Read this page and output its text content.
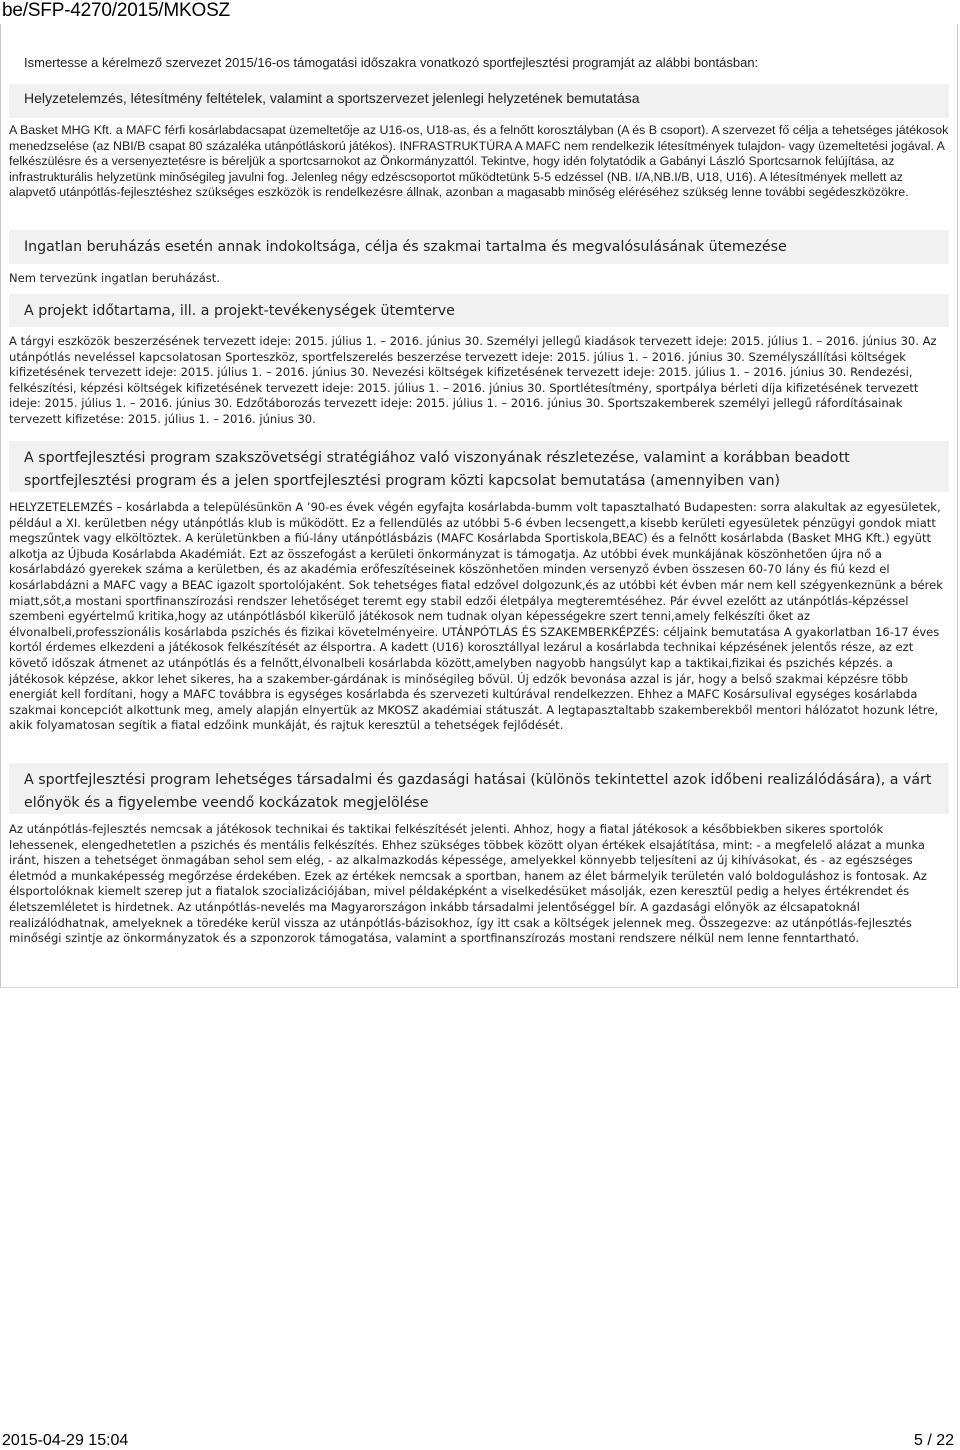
be/SFP-4270/2015/MKOSZ
Ismertesse a kérelmező szervezet 2015/16-os támogatási időszakra vonatkozó sportfejlesztési programját az alábbi bontásban:
Helyzetelemzés, létesítmény feltételek, valamint a sportszervezet jelenlegi helyzetének bemutatása

A Basket MHG Kft. a MAFC férfi kosárlabdacsapat üzemeltetője az U16-os, U18-as, és a felnőtt korosztályban (A és B csoport). A szervezet fő célja a tehetséges játékosok menedzselése (az NBI/B csapat 80 százaléka utánpótláskorú játékos). INFRASTRUKTÚRA A MAFC nem rendelkezik létesítmények tulajdon- vagy üzemeltetési jogával. A felkészülésre és a versenyeztetésre is béreljük a sportcsarnokot az Önkormányzattól. Tekintve, hogy idén folytatódik a Gabányi László Sportcsarnok felújítása, az infrastrukturális helyzetünk minőségileg javulni fog. Jelenleg négy edzéscsoportot működtetünk 5-5 edzéssel (NB. I/A,NB.I/B, U18, U16). A létesítmények mellett az alapvető utánpótlás-fejlesztéshez szükséges eszközök is rendelkezésre állnak, azonban a magasabb minőség eléréséhez szükség lenne további segédeszközökre.

Ingatlan beruházás esetén annak indokoltsága, célja és szakmai tartalma és megvalósulásának ütemezése

Nem tervezünk ingatlan beruházást.

A projekt időtartama, ill. a projekt-tevékenységek ütemterve

A tárgyi eszközök beszerzésének tervezett ideje: 2015. július 1. – 2016. június 30. Személyi jellegű kiadások tervezett ideje: 2015. július 1. – 2016. június 30. Az utánpótlás neveléssel kapcsolatosan Sporteszköz, sportfelszerelés beszerzése tervezett ideje: 2015. július 1. – 2016. június 30. Személyszállítási költségek kifizetésének tervezett ideje: 2015. július 1. – 2016. június 30. Nevezési költségek kifizetésének tervezett ideje: 2015. július 1. – 2016. június 30. Rendezési, felkészítési, képzési költségek kifizetésének tervezett ideje: 2015. július 1. – 2016. június 30. Sportlétesítmény, sportpálya bérleti díja kifizetésének tervezett ideje: 2015. július 1. – 2016. június 30. Edzőtáborozás tervezett ideje: 2015. július 1. – 2016. június 30. Sportszakemberek személyi jellegű ráfordításainak tervezett kifizetése: 2015. július 1. – 2016. június 30.

A sportfejlesztési program szakszövetségi stratégiához való viszonyának részletezése, valamint a korábban beadott sportfejlesztési program és a jelen sportfejlesztési program közti kapcsolat bemutatása (amennyiben van)

HELYZETELEMZÉS – kosárlabda a településünkön A ’90-es évek végén egyfajta kosárlabda-bumm volt tapasztalható Budapesten: sorra alakultak az egyesületek, például a XI. kerületben négy utánpótlás klub is működött. Ez a fellendülés az utóbbi 5-6 évben lecsengett,a kisebb kerületi egyesületek pénzügyi gondok miatt megszűntek vagy elköltöztek. A kerületünkben a fiú-lány utánpótlásbázis (MAFC Kosárlabda Sportiskola,BEAC) és a felnőtt kosárlabda (Basket MHG Kft.) együtt alkotja az Újbuda Kosárlabda Akadémiát. Ezt az összefogást a kerületi önkormányzat is támogatja. Az utóbbi évek munkájának köszönhetően újra nő a kosárlabdázó gyerekek száma a kerületben, és az akadémia erőfeszítéseinek köszönhetően minden versenyző évben összesen 60-70 lány és fiú kezd el kosárlabdázni a MAFC vagy a BEAC igazolt sportolójaként. Sok tehetséges fiatal edzővel dolgozunk,és az utóbbi két évben már nem kell szégyenkeznünk a bérek miatt,sőt,a mostani sportfinanszírozási rendszer lehetőséget teremt egy stabil edzői életpálya megteremtéséhez. Pár évvel ezelőtt az utánpótlás-képzéssel szembeni egyértelmű kritika,hogy az utánpótlásból kikerülő játékosok nem tudnak olyan képességekre szert tenni,amely felkészíti őket az élvonalbeli,professzionális kosárlabda pszichés és fizikai követelményeire. UTÁNPÓTLÁS ÉS SZAKEMBERKÉPZÉS: céljaink bemutatása A gyakorlatban 16-17 éves kortól érdemes elkezdeni a játékosok felkészítését az élsportra. A kadett (U16) korosztállyal lezárul a kosárlabda technikai képzésének jelentős része, az ezt követő időszak átmenet az utánpótlás és a felnőtt,élvonalbeli kosárlabda között,amelyben nagyobb hangsúlyt kap a taktikai,fizikai és pszichés képzés. a játékosok képzése, akkor lehet sikeres, ha a szakember-gárdának is minőségileg bővül. Új edzők bevonása azzal is jár, hogy a belső szakmai képzésre több energiát kell fordítani, hogy a MAFC továbbra is egységes kosárlabda és szervezeti kultúrával rendelkezzen. Ehhez a MAFC Kosársulival egységes kosárlabda szakmai koncepciót alkottunk meg, amely alapján elnyertük az MKOSZ akadémiai státuszát. A legtapasztaltabb szakemberekből mentori hálózatot hozunk létre, akik folyamatosan segítik a fiatal edzőink munkáját, és rajtuk keresztül a tehetségek fejlődését.

A sportfejlesztési program lehetséges társadalmi és gazdasági hatásai (különös tekintettel azok időbeni realizálódására), a várt előnyök és a figyelembe veendő kockázatok megjelölése

Az utánpótlás-fejlesztés nemcsak a játékosok technikai és taktikai felkészítését jelenti. Ahhoz, hogy a fiatal játékosok a későbbiekben sikeres sportolók lehessenek, elengedhetetlen a pszichés és mentális felkészítés. Ehhez szükséges többek között olyan értékek elsajátítása, mint: - a megfelelő alázat a munka iránt, hiszen a tehetséget önmagában sehol sem elég, - az alkalmazkodás képessége, amelyekkel könnyebb teljesíteni az új kihívásokat, és - az egészséges életmód a munkaképesség megőrzése érdekében. Ezek az értékek nemcsak a sportban, hanem az élet bármelyik területén való boldoguláshoz is fontosak. Az élsportolóknak kiemelt szerep jut a fiatalok szocializációjában, mivel példaképként a viselkedésüket másolják, ezen keresztül pedig a helyes értékrendet és életszemléletet is hirdetnek. Az utánpótlás-nevelés ma Magyarországon inkább társadalmi jelentőséggel bír. A gazdasági előnyök az élcsapatoknál realizálódhatnak, amelyeknek a töredéke kerül vissza az utánpótlás-bázisokhoz, így itt csak a költségek jelennek meg. Összegezve: az utánpótlás-fejlesztés minőségi szintje az önkormányzatok és a szponzorok támogatása, valamint a sportfinanszírozás mostani rendszere nélkül nem lenne fenntartható.

2015-04-29 15:04	5 / 22
